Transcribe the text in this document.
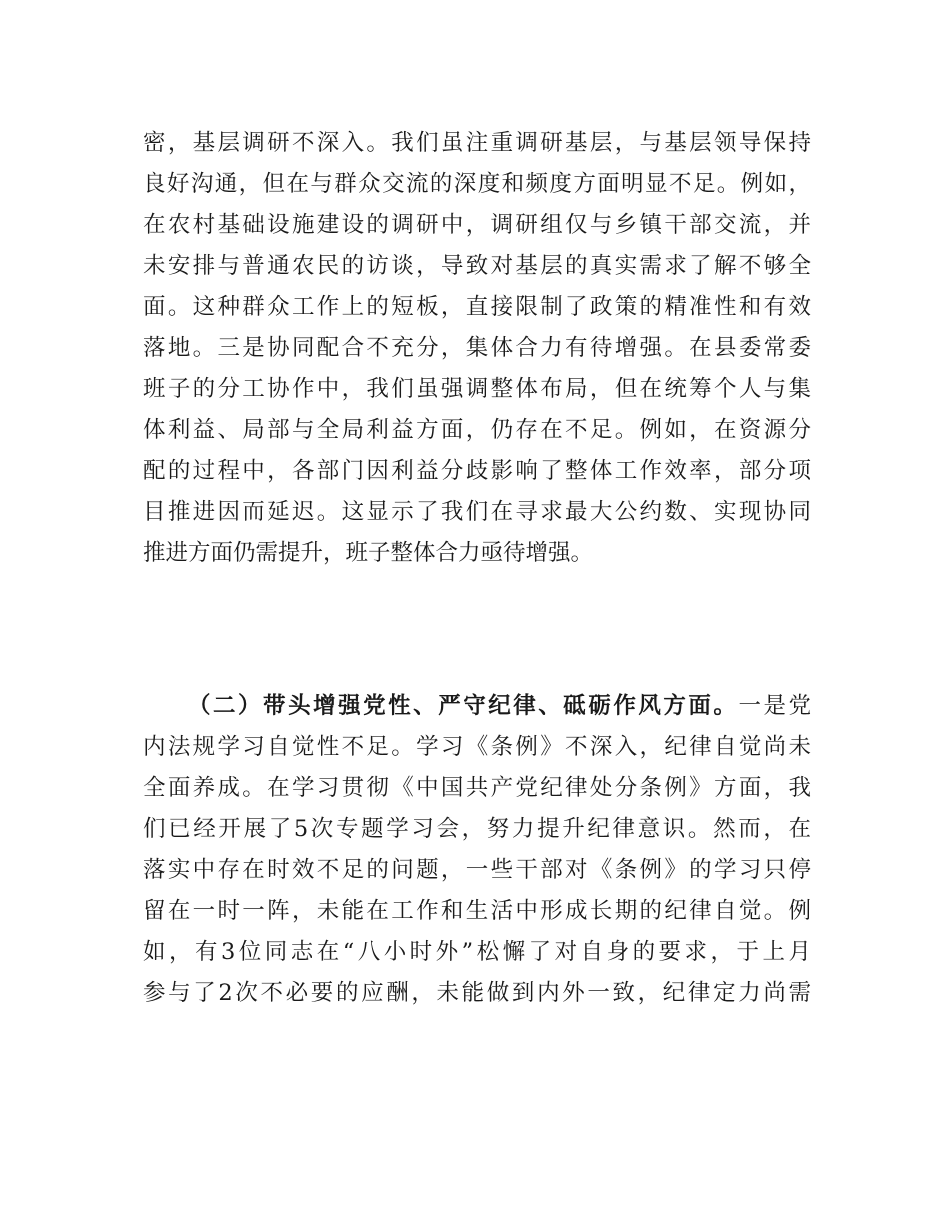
密，基层调研不深入。我们虽注重调研基层，与基层领导保持
良好沟通，但在与群众交流的深度和频度方面明显不足。例如，
在农村基础设施建设的调研中，调研组仅与乡镇干部交流，并
未安排与普通农民的访谈，导致对基层的真实需求了解不够全
面。这种群众工作上的短板，直接限制了政策的精准性和有效
落地。三是协同配合不充分，集体合力有待增强。在县委常委
班子的分工协作中，我们虽强调整体布局，但在统筹个人与集
体利益、局部与全局利益方面，仍存在不足。例如，在资源分
配的过程中，各部门因利益分歧影响了整体工作效率，部分项
目推进因而延迟。这显示了我们在寻求最大公约数、实现协同
推进方面仍需提升，班子整体合力亟待增强。
（二）带头增强党性、严守纪律、砥砺作风方面。一是党
内法规学习自觉性不足。学习《条例》不深入，纪律自觉尚未
全面养成。在学习贯彻《中国共产党纪律处分条例》方面，我
们已经开展了5次专题学习会，努力提升纪律意识。然而，在
落实中存在时效不足的问题，一些干部对《条例》的学习只停
留在一时一阵，未能在工作和生活中形成长期的纪律自觉。例
如，有3位同志在“八小时外”松懈了对自身的要求，于上月
参与了2次不必要的应酬，未能做到内外一致，纪律定力尚需
